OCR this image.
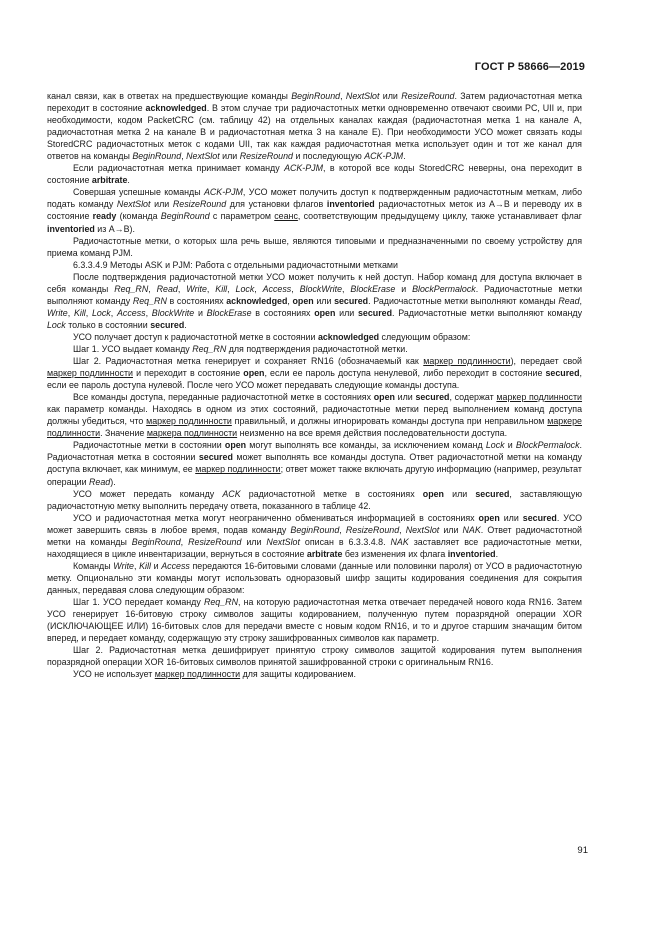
ГОСТ Р 58666—2019

канал связи, как в ответах на предшествующие команды BeginRound, NextSlot или ResizeRound. Затем радиочастотная метка переходит в состояние acknowledged. В этом случае три радиочастотных метки одновременно отвечают своими PC, UII и, при необходимости, кодом PacketCRC (см. таблицу 42) на отдельных каналах каждая (радиочастотная метка 1 на канале А, радиочастотная метка 2 на канале В и радиочастотная метка 3 на канале Е). При необходимости УСО может связать коды StoredCRC радиочастотных меток с кодами UII, так как каждая радиочастотная метка использует один и тот же канал для ответов на команды BeginRound, NextSlot или ResizeRound и последующую ACK-PJM.

Если радиочастотная метка принимает команду ACK-PJM, в которой все коды StoredCRC неверны, она переходит в состояние arbitrate.

Совершая успешные команды ACK-PJM, УСО может получить доступ к подтвержденным радиочастотным меткам, либо подать команду NextSlot или ResizeRound для установки флагов inventoried радиочастотных меток из А→В и переводу их в состояние ready (команда BeginRound с параметром сеанс, соответствующим предыдущему циклу, также устанавливает флаг inventoried из А→В).

Радиочастотные метки, о которых шла речь выше, являются типовыми и предназначенными по своему устройству для приема команд PJM.

6.3.3.4.9 Методы ASK и PJM: Работа с отдельными радиочастотными метками

После подтверждения радиочастотной метки УСО может получить к ней доступ. Набор команд для доступа включает в себя команды Req_RN, Read, Write, Kill, Lock, Access, BlockWrite, BlockErase и BlockPermalock. Радиочастотные метки выполняют команду Req_RN в состояниях acknowledged, open или secured. Радиочастотные метки выполняют команды Read, Write, Kill, Lock, Access, BlockWrite и BlockErase в состояниях open или secured. Радиочастотные метки выполняют команду Lock только в состоянии secured.

УСО получает доступ к радиочастотной метке в состоянии acknowledged следующим образом:

Шаг 1. УСО выдает команду Req_RN для подтверждения радиочастотной метки.

Шаг 2. Радиочастотная метка генерирует и сохраняет RN16 (обозначаемый как маркер подлинности), передает свой маркер подлинности и переходит в состояние open, если ее пароль доступа ненулевой, либо переходит в состояние secured, если ее пароль доступа нулевой. После чего УСО может передавать следующие команды доступа.

Все команды доступа, переданные радиочастотной метке в состояниях open или secured, содержат маркер подлинности как параметр команды. Находясь в одном из этих состояний, радиочастотные метки перед выполнением команд доступа должны убедиться, что маркер подлинности правильный, и должны игнорировать команды доступа при неправильном маркере подлинности. Значение маркера подлинности неизменно на все время действия последовательности доступа.

Радиочастотные метки в состоянии open могут выполнять все команды, за исключением команд Lock и BlockPermalock. Радиочастотная метка в состоянии secured может выполнять все команды доступа. Ответ радиочастотной метки на команду доступа включает, как минимум, ее маркер подлинности; ответ может также включать другую информацию (например, результат операции Read).

УСО может передать команду ACK радиочастотной метке в состояниях open или secured, заставляющую радиочастотную метку выполнить передачу ответа, показанного в таблице 42.

УСО и радиочастотная метка могут неограниченно обмениваться информацией в состояниях open или secured. УСО может завершить связь в любое время, подав команду BeginRound, ResizeRound, NextSlot или NAK. Ответ радиочастотной метки на команды BeginRound, ResizeRound или NextSlot описан в 6.3.3.4.8. NAK заставляет все радиочастотные метки, находящиеся в цикле инвентаризации, вернуться в состояние arbitrate без изменения их флага inventoried.

Команды Write, Kill и Access передаются 16-битовыми словами (данные или половинки пароля) от УСО в радиочастотную метку. Опционально эти команды могут использовать одноразовый шифр защиты кодирования соединения для сокрытия данных, передавая слова следующим образом:

Шаг 1. УСО передает команду Req_RN, на которую радиочастотная метка отвечает передачей нового кода RN16. Затем УСО генерирует 16-битовую строку символов защиты кодированием, полученную путем поразрядной операции XOR (ИСКЛЮЧАЮЩЕЕ ИЛИ) 16-битовых слов для передачи вместе с новым кодом RN16, и то и другое старшим значащим битом вперед, и передает команду, содержащую эту строку зашифрованных символов как параметр.

Шаг 2. Радиочастотная метка дешифрирует принятую строку символов защитой кодирования путем выполнения поразрядной операции XOR 16-битовых символов принятой зашифрованной строки с оригинальным RN16.

УСО не использует маркер подлинности для защиты кодированием.

91
